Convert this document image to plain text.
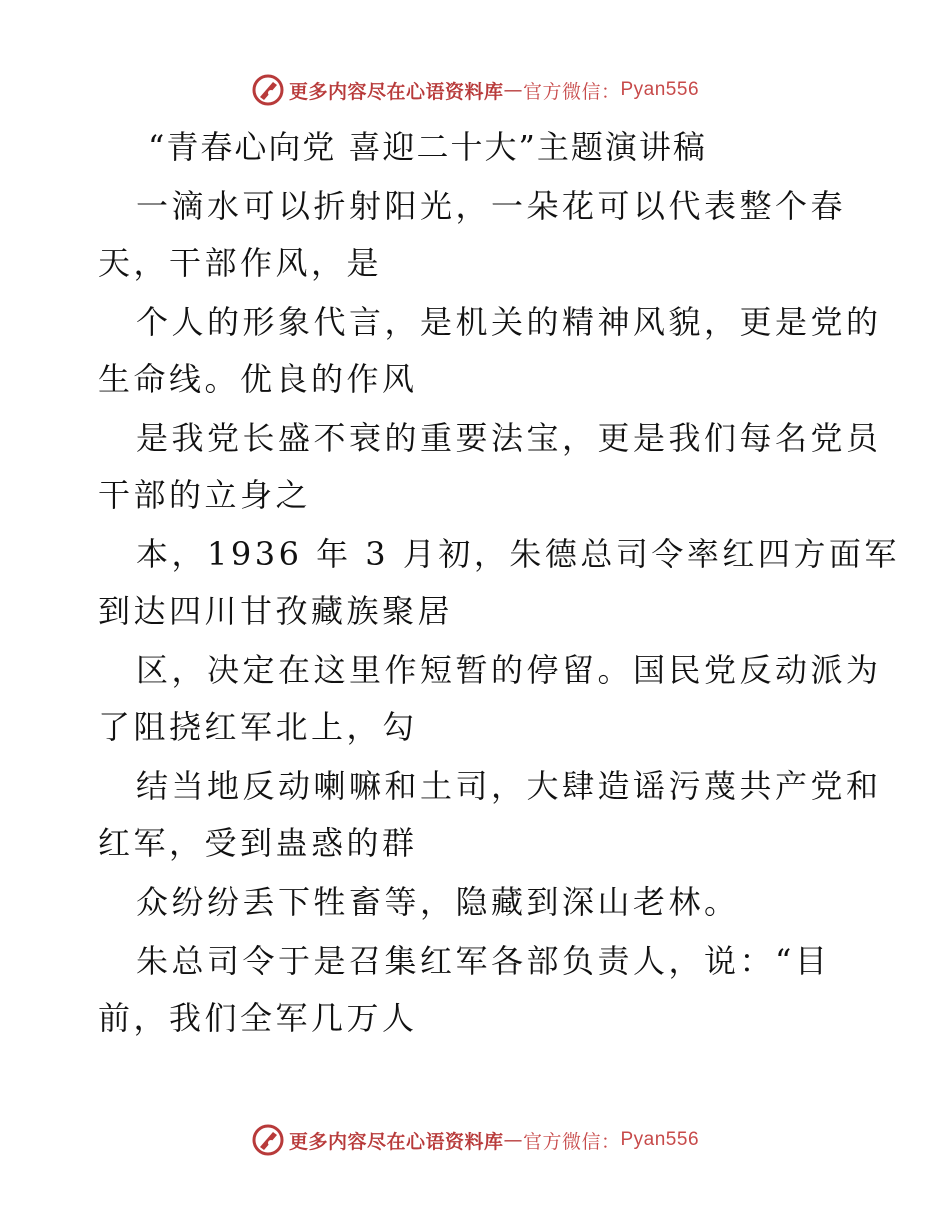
更多内容尽在心语资料库 — 官方微信： Pyan556
“青春心向党 喜迎二十大”主题演讲稿
一滴水可以折射阳光，一朵花可以代表整个春
天，干部作风，是
个人的形象代言，是机关的精神风貌，更是党的
生命线。优良的作风
是我党长盛不衰的重要法宝，更是我们每名党员
干部的立身之
本，1936 年 3 月初，朱德总司令率红四方面军
到达四川甘孜藏族聚居
区，决定在这里作短暂的停留。国民党反动派为
了阻挠红军北上，勾
结当地反动喇嘛和土司，大肆造谣污蔑共产党和
红军，受到蛊惑的群
众纷纷丢下牲畜等，隐藏到深山老林。
朱总司令于是召集红军各部负责人，说：“目
前，我们全军几万人
更多内容尽在心语资料库 — 官方微信： Pyan556
